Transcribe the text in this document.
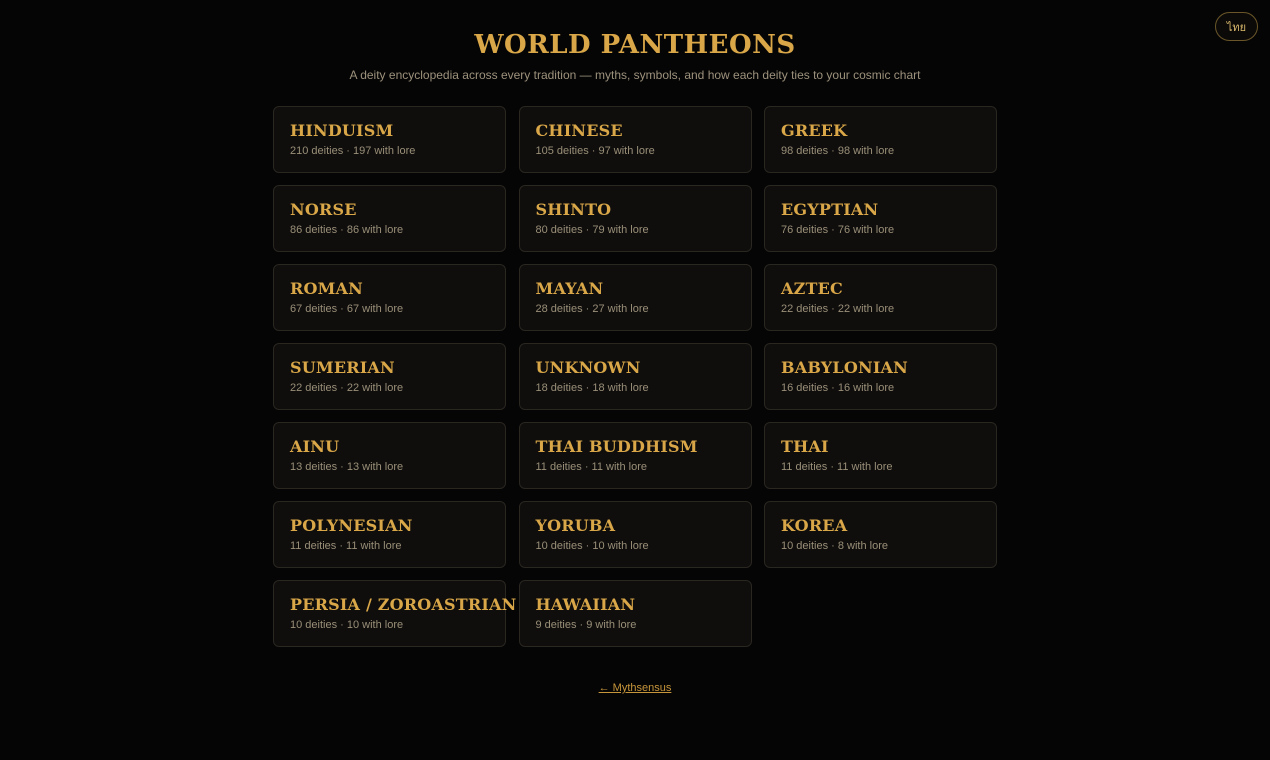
ไทย
WORLD PANTHEONS

A deity encyclopedia across every tradition — myths, symbols, and how each deity ties to your cosmic chart

HINDUISM
210 deities · 197 with lore
CHINESE
105 deities · 97 with lore
GREEK
98 deities · 98 with lore
NORSE
86 deities · 86 with lore
SHINTO
80 deities · 79 with lore
EGYPTIAN
76 deities · 76 with lore
ROMAN
67 deities · 67 with lore
MAYAN
28 deities · 27 with lore
AZTEC
22 deities · 22 with lore
SUMERIAN
22 deities · 22 with lore
UNKNOWN
18 deities · 18 with lore
BABYLONIAN
16 deities · 16 with lore
AINU
13 deities · 13 with lore
THAI BUDDHISM
11 deities · 11 with lore
THAI
11 deities · 11 with lore
POLYNESIAN
11 deities · 11 with lore
YORUBA
10 deities · 10 with lore
KOREA
10 deities · 8 with lore
PERSIA / ZOROASTRIAN
10 deities · 10 with lore
HAWAIIAN
9 deities · 9 with lore
← Mythsensus
